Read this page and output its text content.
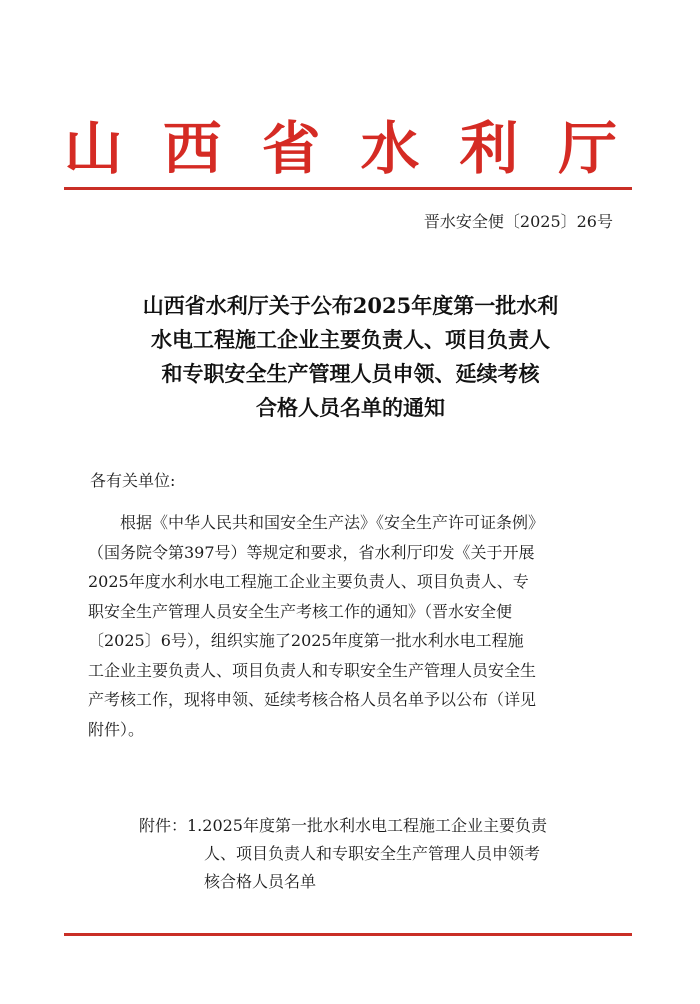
山西省水利厅

晋水安全便〔2025〕26号

山西省水利厅关于公布2025年度第一批水利
水电工程施工企业主要负责人、项目负责人
和专职安全生产管理人员申领、延续考核
合格人员名单的通知

各有关单位:

　　根据《中华人民共和国安全生产法》《安全生产许可证条例》
（国务院令第397号）等规定和要求，省水利厅印发《关于开展
2025年度水利水电工程施工企业主要负责人、项目负责人、专
职安全生产管理人员安全生产考核工作的通知》（晋水安全便
〔2025〕6号），组织实施了2025年度第一批水利水电工程施
工企业主要负责人、项目负责人和专职安全生产管理人员安全生
产考核工作，现将申领、延续考核合格人员名单予以公布（详见
附件）。

附件：1.2025年度第一批水利水电工程施工企业主要负责
人、项目负责人和专职安全生产管理人员申领考
核合格人员名单
